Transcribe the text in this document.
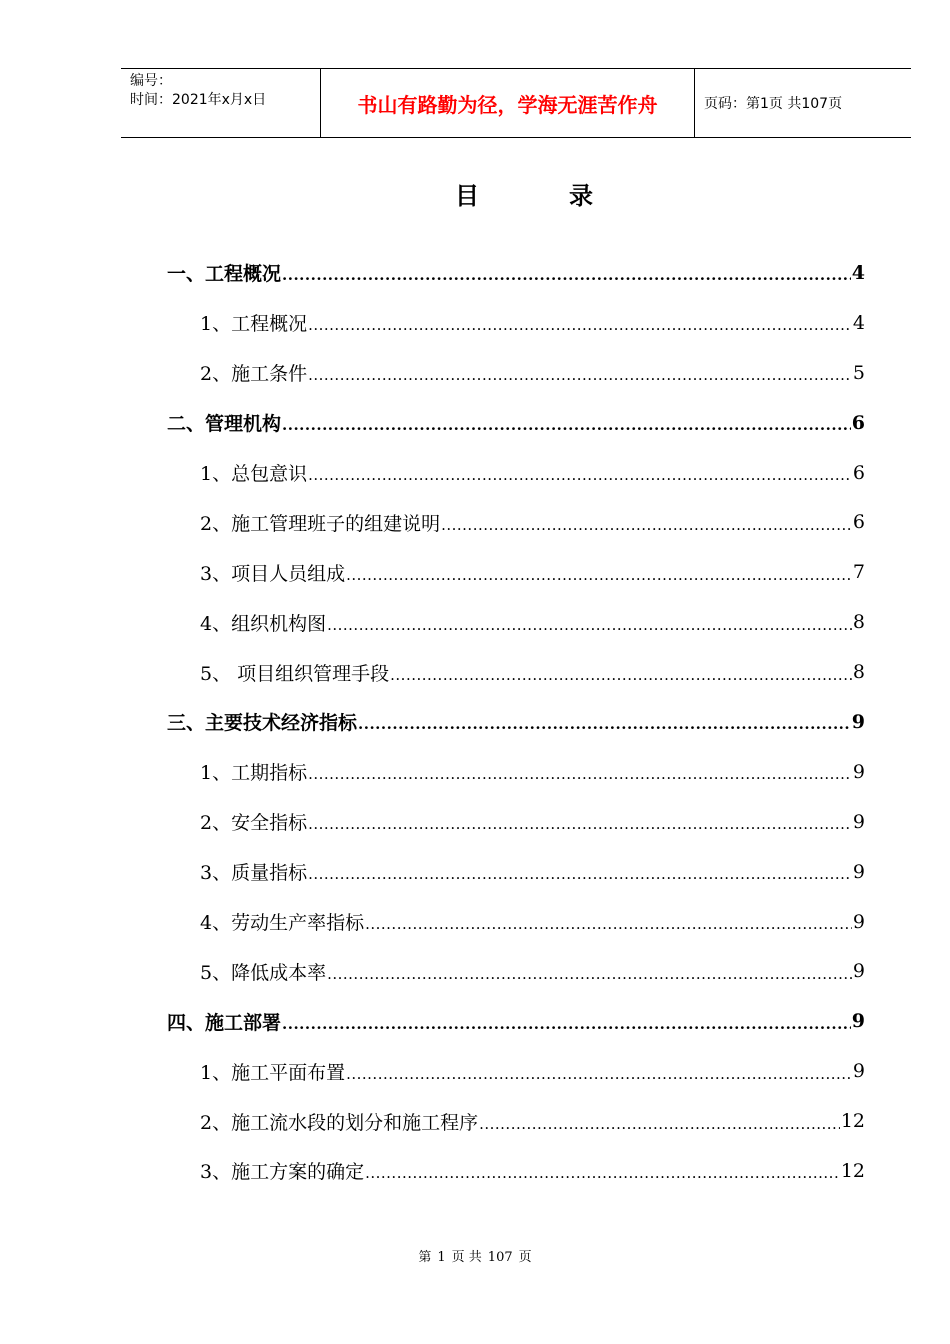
编号：
时间：2021年x月x日	书山有路勤为径，学海无涯苦作舟	页码：第1页 共107页
目录
一、工程概况 .....	4
1、工程概况 .....	4
2、施工条件 .....	5
二、管理机构 .....	6
1、总包意识 .....	6
2、施工管理班子的组建说明 .....	6
3、项目人员组成 .....	7
4、组织机构图 .....	8
5、 项目组织管理手段 .....	8
三、主要技术经济指标 .....	9
1、工期指标 .....	9
2、安全指标 .....	9
3、质量指标 .....	9
4、劳动生产率指标 .....	9
5、降低成本率 .....	9
四、施工部署 .....	9
1、施工平面布置 .....	9
2、施工流水段的划分和施工程序 .....	12
3、施工方案的确定 .....	12
第 1 页 共 107 页
